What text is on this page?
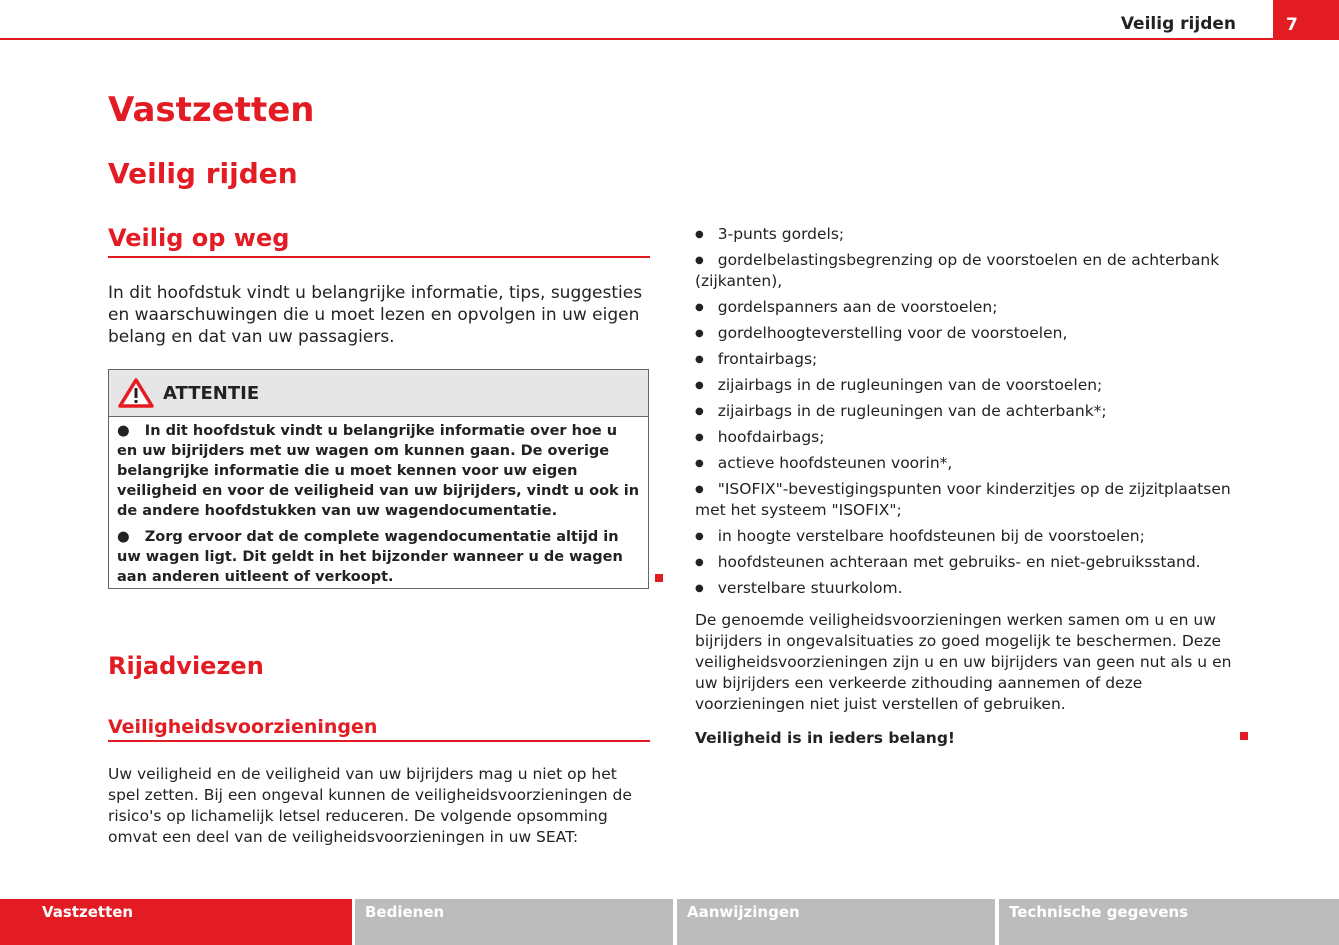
Veilig rijden	7
Vastzetten
Veilig rijden
Veilig op weg

In dit hoofdstuk vindt u belangrijke informatie, tips, suggesties en waarschuwingen die u moet lezen en opvolgen in uw eigen belang en dat van uw passagiers.

ATTENTIE

●   In dit hoofdstuk vindt u belangrijke informatie over hoe u en uw bijrijders met uw wagen om kunnen gaan. De overige belangrijke informatie die u moet kennen voor uw eigen veiligheid en voor de veiligheid van uw bijrijders, vindt u ook in de andere hoofdstukken van uw wagendocumentatie.

●   Zorg ervoor dat de complete wagendocumentatie altijd in uw wagen ligt. Dit geldt in het bijzonder wanneer u de wagen aan anderen uitleent of verkoopt.

Rijadviezen
Veiligheidsvoorzieningen

Uw veiligheid en de veiligheid van uw bijrijders mag u niet op het spel zetten. Bij een ongeval kunnen de veiligheidsvoorzieningen de risico's op lichamelijk letsel reduceren. De volgende opsomming omvat een deel van de veiligheidsvoorzieningen in uw SEAT:

● 3-punts gordels;
● gordelbelastingsbegrenzing op de voorstoelen en de achterbank (zijkanten),
● gordelspanners aan de voorstoelen;
● gordelhoogteverstelling voor de voorstoelen,
● frontairbags;
● zijairbags in de rugleuningen van de voorstoelen;
● zijairbags in de rugleuningen van de achterbank*;
● hoofdairbags;
● actieve hoofdsteunen voorin*,
● "ISOFIX"-bevestigingspunten voor kinderzitjes op de zijzitplaatsen met het systeem "ISOFIX";
● in hoogte verstelbare hoofdsteunen bij de voorstoelen;
● hoofdsteunen achteraan met gebruiks- en niet-gebruiksstand.
● verstelbare stuurkolom.

De genoemde veiligheidsvoorzieningen werken samen om u en uw bijrijders in ongevalsituaties zo goed mogelijk te beschermen. Deze veiligheidsvoorzieningen zijn u en uw bijrijders van geen nut als u en uw bijrijders een verkeerde zithouding aannemen of deze voorzieningen niet juist verstellen of gebruiken.

Veiligheid is in ieders belang!

Vastzetten	Bedienen	Aanwijzingen	Technische gegevens
